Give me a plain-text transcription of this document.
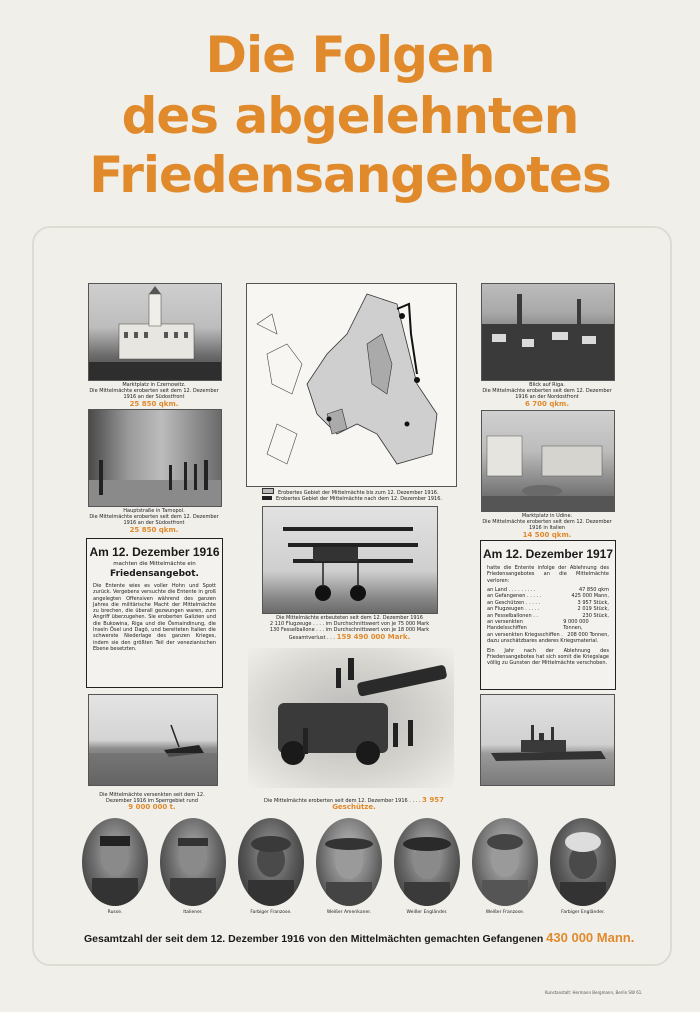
Die Folgen
des abgelehnten
Friedensangebotes
Marktplatz in Czernowitz.
Die Mittelmächte eroberten seit dem 12. Dezember 1916 an der Südostfront
25 850 qkm.
Hauptstraße in Tarnopol.
Die Mittelmächte eroberten seit dem 12. Dezember 1916 an der Südostfront
25 850 qkm.
Erobertes Gebiet der Mittelmächte bis zum 12. Dezember 1916.
Erobertes Gebiet der Mittelmächte nach dem 12. Dezember 1916.
Blick auf Riga.
Die Mittelmächte eroberten seit dem 12. Dezember 1916 an der Nordostfront
6 700 qkm.
Marktplatz in Udine.
Die Mittelmächte eroberten seit dem 12. Dezember 1916 in Italien
14 500 qkm.
Am 12. Dezember 1916
machten die Mittelmächte ein
Friedensangebot.
Die Entente wies es voller Hohn und Spott zurück. Vergebens versuchte die Entente in groß angelegten Offensiven während des ganzen Jahres die militärische Macht der Mittelmächte zu brechen, die überall gezwungen waren, zum Angriff überzugehen. Sie eroberten Galizien und die Bukowina, Riga und die Ösmaindinung, die Inseln Ösel und Dagö, und bereiteten Italien die schwerste Niederlage des ganzen Krieges, indem sie den größten Teil der venezianischen Ebene besetzten.
Die Mittelmächte erbeuteten seit dem 12. Dezember 1916
2 110 Flugzeuge . . . . im Durchschnittswert von je 75 000 Mark
130 Fesselballone . . . im Durchschnittswert von je 18 000 Mark
Gesamtverlust . . . 159 490 000 Mark.
Am 12. Dezember 1917
hatte die Entente infolge der Ablehnung des Friedensangebotes an die Mittelmächte verloren:
an Land . . . . . . . . .	47 850 qkm
an Gefangenen . . . . .	425 000 Mann,
an Geschützen . . . . .	3 957 Stück,
an Flugzeugen . . . . .	2 019 Stück,
an Fesselballonen . .	230 Stück,
an versenkten Handelsschiffen
9 000 000 Tonnen,
an versenkten Kriegsschiffen . 208 000 Tonnen,
dazu unschätzbares anderes Kriegsmaterial.
Ein Jahr nach der Ablehnung des Friedensangebotes hat sich somit die Kriegslage völlig zu Gunsten der Mittelmächte verschoben.
Die Mittelmächte versenkten seit dem 12. Dezember 1916 im Sperrgebiet rund
9 000 000 t.
Die Mittelmächte eroberten seit dem 12. Dezember 1916 . . . . 3 957 Geschütze.
Russe.	Italiener.	Farbiger Franzose.	Weißer Amerikaner.	Weißer Engländer.	Weißer Franzose.	Farbiger Engländer.
Gesamtzahl der seit dem 12. Dezember 1916 von den Mittelmächten gemachten Gefangenen 430 000 Mann.
Kunstanstalt: Hermann Bergmann, Berlin SW 61.
